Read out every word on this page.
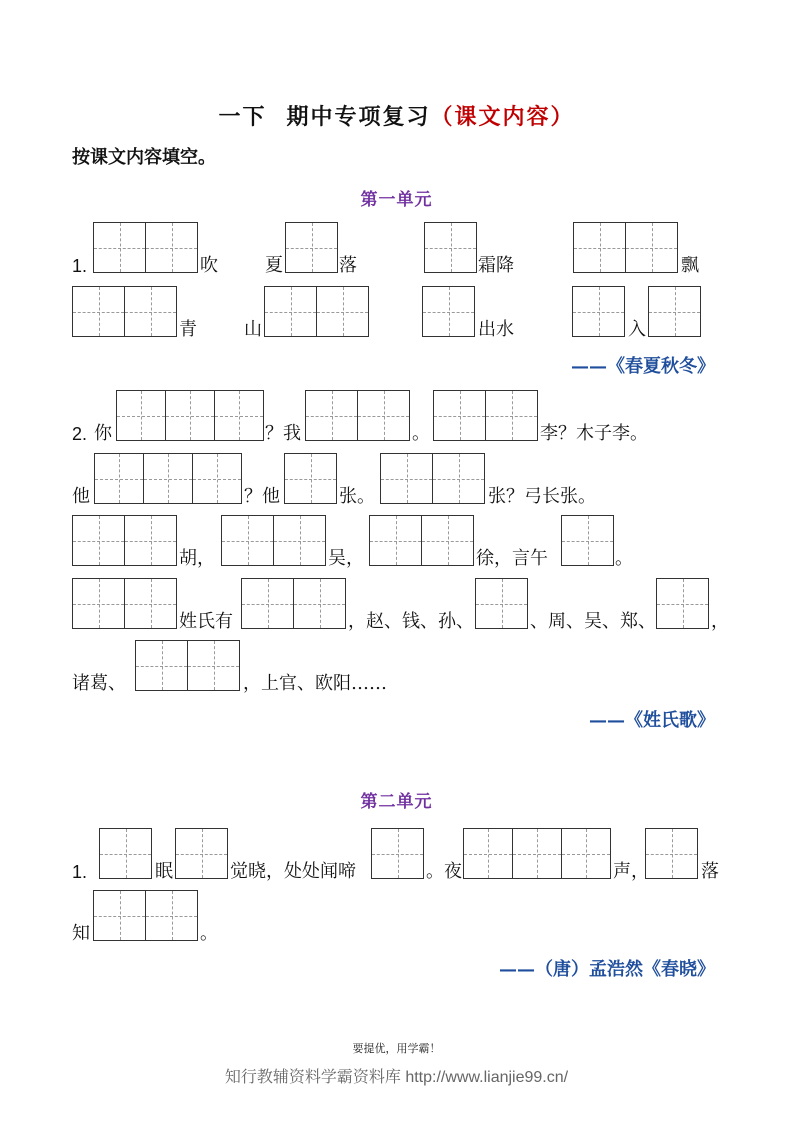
一下 期中专项复习（课文内容）
按课文内容填空。
第一单元
1.	吹	夏	落	霜降	飘
青	山	出水	入
——《春夏秋冬》
2. 你	？我	。	李？木子李。
他	？他	张。	张？弓长张。
胡，	吴，	徐，言午	。
姓氏有	，赵、钱、孙、	、周、吴、郑、	，
诸葛、	，上官、欧阳……
——《姓氏歌》
第二单元
1.	眠	觉晓，处处闻啼	。夜	声，	落
知	。
——（唐）孟浩然《春晓》
要提优，用学霸！
知行教辅资料学霸资料库 http://www.lianjie99.cn/
